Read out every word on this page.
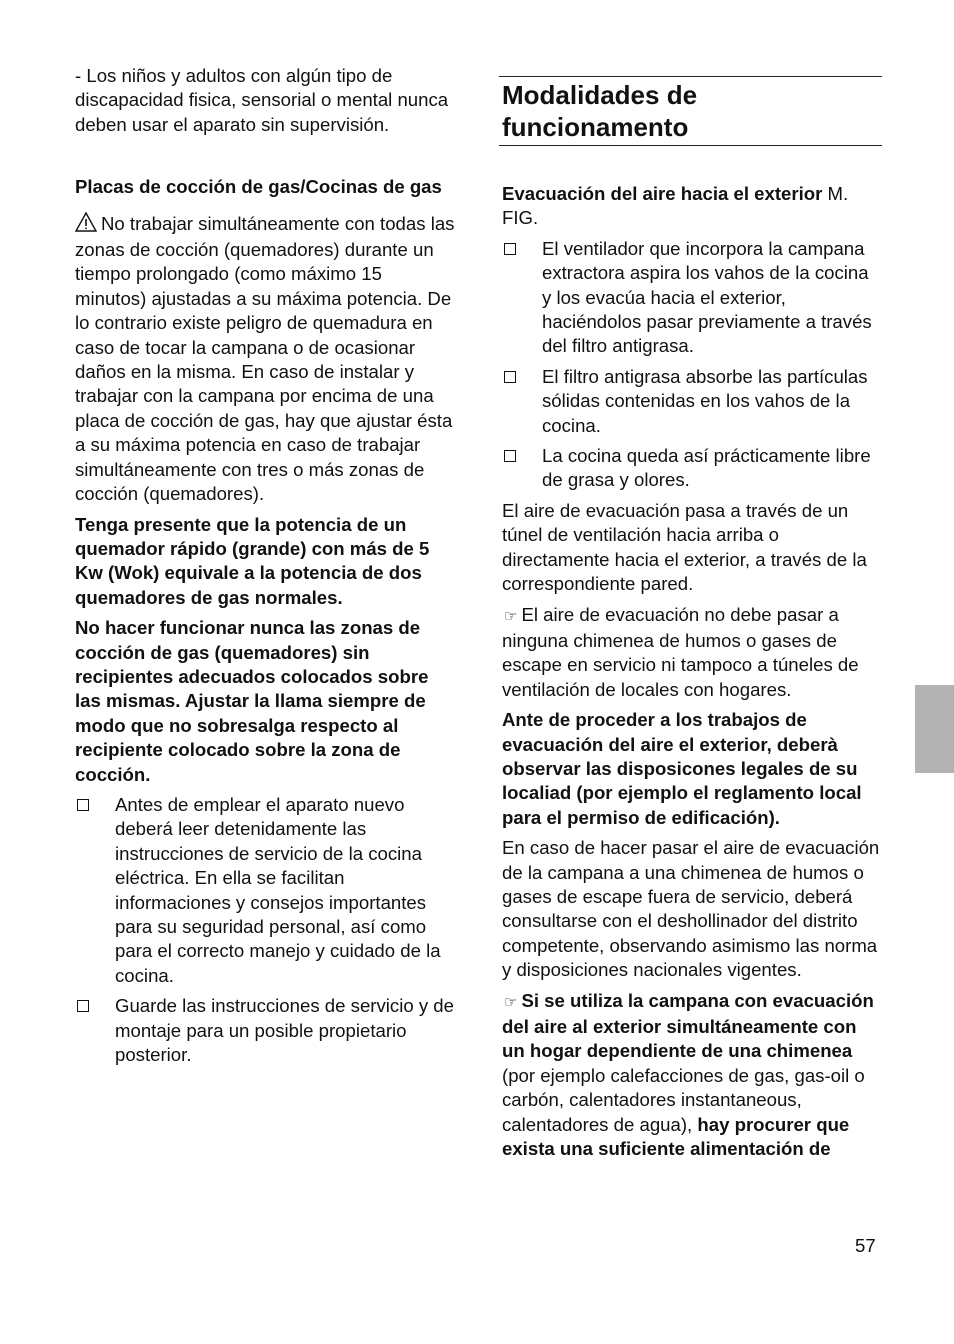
- Los niños y adultos con algún tipo de discapacidad fisica, sensorial o mental nunca deben usar el aparato sin supervisión.

Placas de cocción de gas/Cocinas de gas

No trabajar simultáneamente con todas las zonas de cocción (quemadores) durante un tiempo prolongado (como máximo 15 minutos) ajustadas a su máxima potencia. De lo contrario existe peligro de quemadura en caso de tocar la campana o de ocasionar daños en la misma. En caso de instalar y trabajar con la campana por encima de una placa de cocción de gas, hay que ajustar ésta a su máxima potencia en caso de trabajar simultáneamente con tres o más zonas de cocción (quemadores).

Tenga presente que la potencia de un quemador rápido (grande) con más de 5 Kw (Wok) equivale a la potencia de dos quemadores de gas normales.

No hacer funcionar nunca las zonas de cocción de gas (quemadores) sin recipientes adecuados colocados sobre las mismas. Ajustar la llama siempre de modo que no sobresalga respecto al recipiente colocado sobre la zona de cocción.

Antes de emplear el aparato nuevo deberá leer detenidamente las instrucciones de servicio de la cocina eléctrica. En ella se facilitan informaciones y consejos importantes para su seguridad personal, así como para el correcto manejo y cuidado de la cocina.
Guarde las instrucciones de servicio y de montaje para un posible propietario posterior.

Modalidades de funcionamento

Evacuación del aire hacia el exterior M. FIG.

El ventilador que incorpora la campana extractora aspira los vahos de la cocina y los evacúa hacia el exterior, haciéndolos pasar previamente a través del filtro antigrasa.
El filtro antigrasa absorbe las partículas sólidas contenidas en los vahos de la cocina.
La cocina queda así prácticamente libre de grasa y olores.

El aire de evacuación pasa a través de un túnel de ventilación hacia arriba o directamente hacia el exterior, a través de la correspondiente pared.

☞ El aire de evacuación no debe pasar a ninguna chimenea de humos o gases de escape en servicio ni tampoco a túneles de ventilación de locales con hogares.

Ante de proceder a los trabajos de evacuación del aire el exterior, deberà observar las disposicones legales de su localiad (por ejemplo el reglamento local para el permiso de edificación).

En caso de hacer pasar el aire de evacuación de la campana a una chimenea de humos o gases de escape fuera de servicio, deberá consultarse con el deshollinador del distrito competente, observando asimismo las norma y disposiciones nacionales vigentes.

☞ Si se utiliza la campana con evacuación del aire al exterior simultáneamente con un hogar dependiente de una chimenea (por ejemplo calefacciones de gas, gas-oil o carbón, calentadores instantaneous, calentadores de agua), hay procurer que exista una suficiente alimentación de

57
